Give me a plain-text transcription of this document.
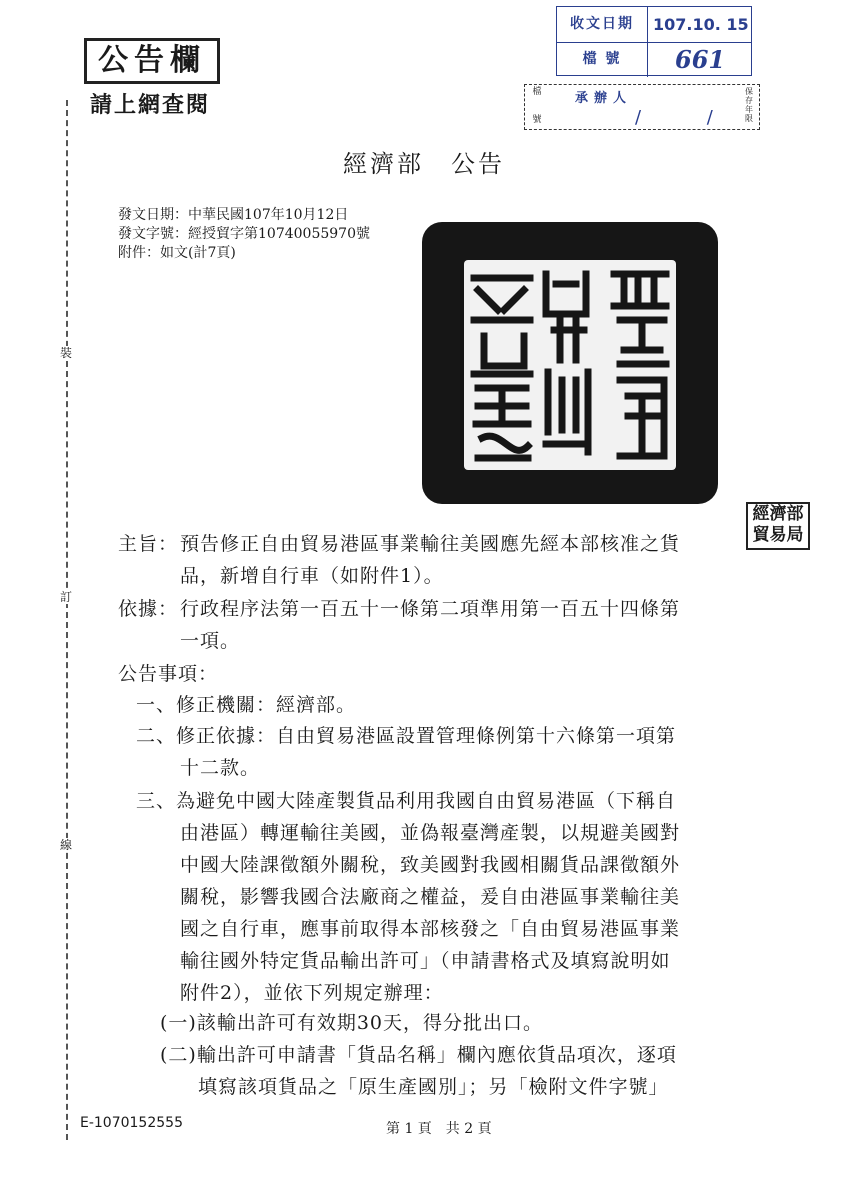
公告欄
請上網查閱
裝
訂
線
收文日期	107.10. 15
檔 號	661
檔
號
承辦人
/ /
保存年限
經濟部　公告
發文日期：中華民國107年10月12日
發文字號：經授貿字第10740055970號
附件：如文(計7頁)
經濟部
貿易局
主旨： 預告修正自由貿易港區事業輸往美國應先經本部核准之貨
品，新增自行車（如附件1）。
依據： 行政程序法第一百五十一條第二項準用第一百五十四條第
一項。
公告事項：
一、修正機關：經濟部。
二、修正依據：自由貿易港區設置管理條例第十六條第一項第
十二款。
三、為避免中國大陸產製貨品利用我國自由貿易港區（下稱自
由港區）轉運輸往美國，並偽報臺灣產製，以規避美國對
中國大陸課徵額外關稅，致美國對我國相關貨品課徵額外
關稅，影響我國合法廠商之權益，爰自由港區事業輸往美
國之自行車，應事前取得本部核發之「自由貿易港區事業
輸往國外特定貨品輸出許可」（申請書格式及填寫說明如
附件2），並依下列規定辦理：
(一)該輸出許可有效期30天，得分批出口。
(二)輸出許可申請書「貨品名稱」欄內應依貨品項次，逐項
填寫該項貨品之「原生產國別」；另「檢附文件字號」
E-1070152555	第 1 頁　共 2 頁
